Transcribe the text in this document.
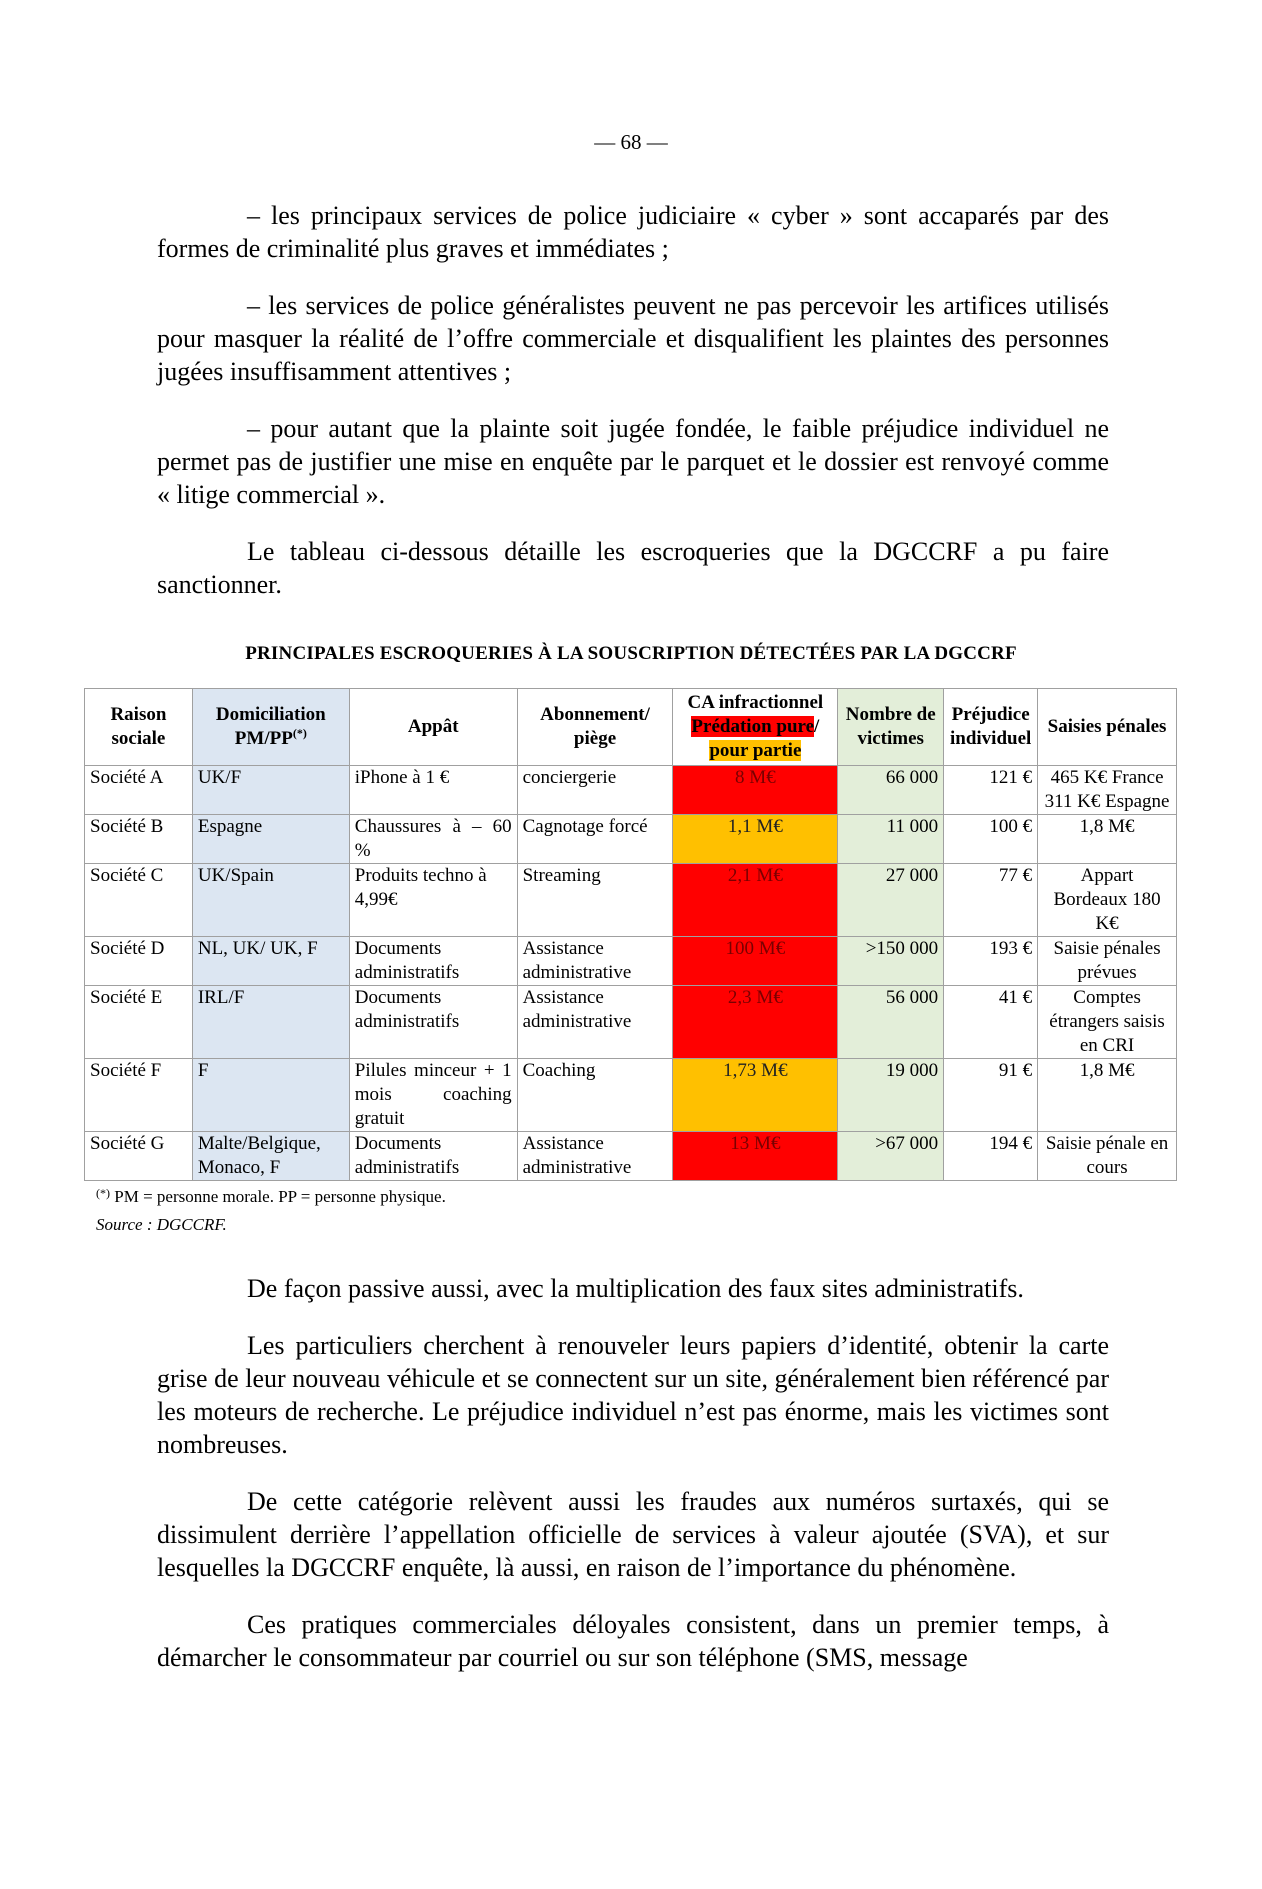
— 68 —

– les principaux services de police judiciaire « cyber » sont accaparés par des formes de criminalité plus graves et immédiates ;

– les services de police généralistes peuvent ne pas percevoir les artifices utilisés pour masquer la réalité de l’offre commerciale et disqualifient les plaintes des personnes jugées insuffisamment attentives ;

– pour autant que la plainte soit jugée fondée, le faible préjudice individuel ne permet pas de justifier une mise en enquête par le parquet et le dossier est renvoyé comme « litige commercial ».

Le tableau ci-dessous détaille les escroqueries que la DGCCRF a pu faire sanctionner.

PRINCIPALES ESCROQUERIES À LA SOUSCRIPTION DÉTECTÉES PAR LA DGCCRF
Raison sociale	Domiciliation PM/PP(*)	Appât	Abonnement/ piège	CA infractionnel
Prédation pure/
pour partie	Nombre de victimes	Préjudice individuel	Saisies pénales
Société A	UK/F	iPhone à 1 €	conciergerie	8 M€	66 000	121 €	465 K€ France 311 K€ Espagne
Société B	Espagne	Chaussures à – 60 %	Cagnotage forcé	1,1 M€	11 000	100 €	1,8 M€
Société C	UK/Spain	Produits techno à 4,99€	Streaming	2,1 M€	27 000	77 €	Appart Bordeaux 180 K€
Société D	NL, UK/ UK, F	Documents administratifs	Assistance administrative	100 M€	>150 000	193 €	Saisie pénales prévues
Société E	IRL/F	Documents administratifs	Assistance administrative	2,3 M€	56 000	41 €	Comptes étrangers saisis en CRI
Société F	F	Pilules minceur + 1 mois coaching gratuit	Coaching	1,73 M€	19 000	91 €	1,8 M€
Société G	Malte/Belgique, Monaco, F	Documents administratifs	Assistance administrative	13 M€	>67 000	194 €	Saisie pénale en cours
(*) PM = personne morale. PP = personne physique.
Source : DGCCRF.

De façon passive aussi, avec la multiplication des faux sites administratifs.

Les particuliers cherchent à renouveler leurs papiers d’identité, obtenir la carte grise de leur nouveau véhicule et se connectent sur un site, généralement bien référencé par les moteurs de recherche. Le préjudice individuel n’est pas énorme, mais les victimes sont nombreuses.

De cette catégorie relèvent aussi les fraudes aux numéros surtaxés, qui se dissimulent derrière l’appellation officielle de services à valeur ajoutée (SVA), et sur lesquelles la DGCCRF enquête, là aussi, en raison de l’importance du phénomène.

Ces pratiques commerciales déloyales consistent, dans un premier temps, à démarcher le consommateur par courriel ou sur son téléphone (SMS, message
